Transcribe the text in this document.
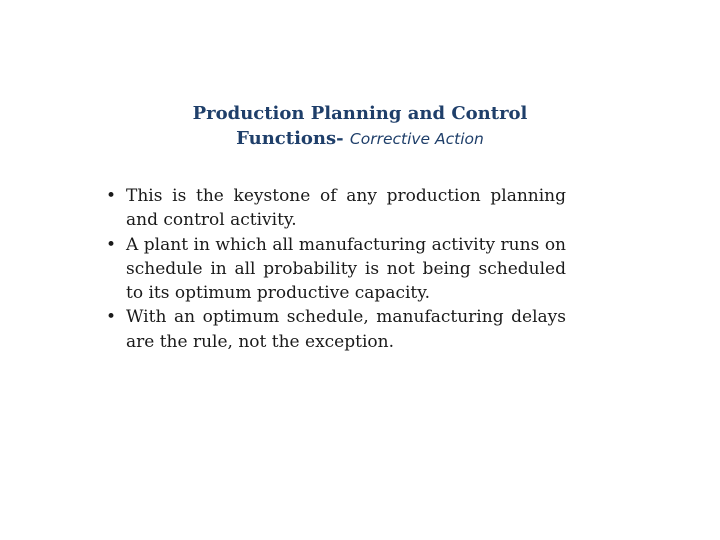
Production Planning and Control
Functions- Corrective Action
• This is the keystone of any production planning and control activity.
• A plant in which all manufacturing activity runs on schedule in all probability is not being scheduled to its optimum productive capacity.
• With an optimum schedule, manufacturing delays are the rule, not the exception.
